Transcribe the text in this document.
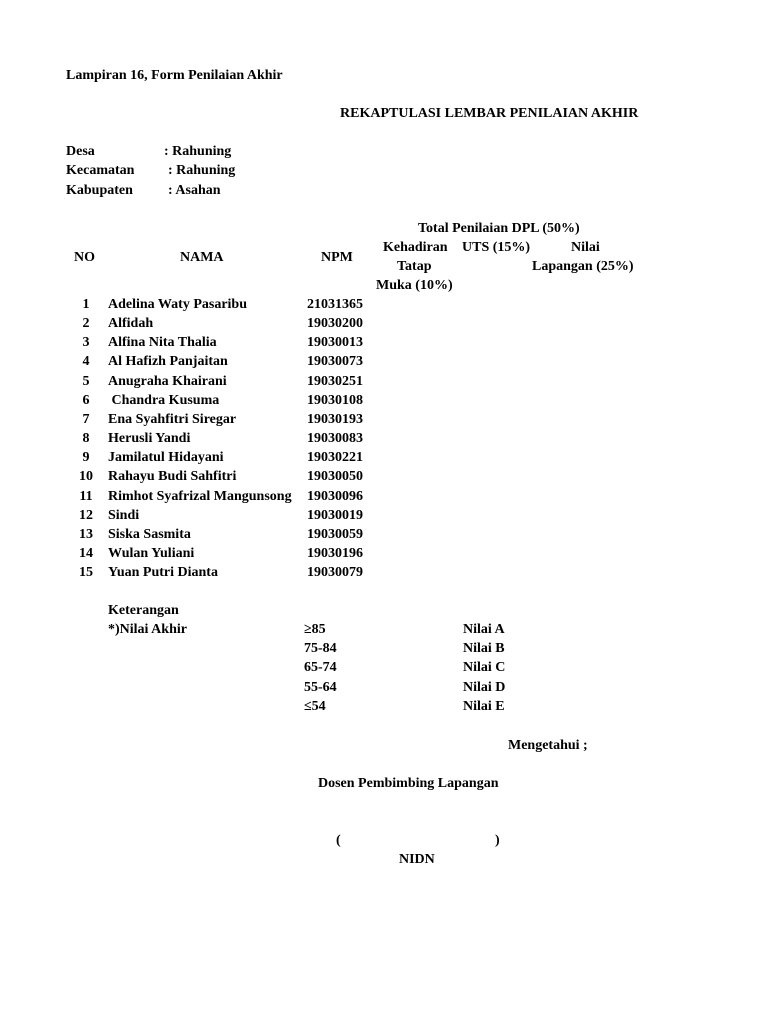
Lampiran 16, Form Penilaian Akhir
REKAPTULASI LEMBAR PENILAIAN AKHIR
Desa	: Rahuning
Kecamatan : Rahuning
Kabupaten	: Asahan
Total Penilaian DPL (50%)
NO	NAMA	NPM
Kehadiran
Tatap
Muka (10%)
UTS (15%)	Nilai
Lapangan (25%)
1	Adelina Waty Pasaribu	21031365
2	Alfidah	19030200
3	Alfina Nita Thalia	19030013
4	Al Hafizh Panjaitan	19030073
5	Anugraha Khairani	19030251
6	Chandra Kusuma	19030108
7	Ena Syahfitri Siregar	19030193
8	Herusli Yandi	19030083
9	Jamilatul Hidayani	19030221
10	Rahayu Budi Sahfitri	19030050
11	Rimhot Syafrizal Mangunsong 19030096
12	Sindi	19030019
13	Siska Sasmita	19030059
14	Wulan Yuliani	19030196
15	Yuan Putri Dianta	19030079
Keterangan
*)Nilai Akhir	≥85	Nilai A
75-84	Nilai B
65-74	Nilai C
55-64	Nilai D
≤54	Nilai E
Mengetahui ;
Dosen Pembimbing Lapangan
(	)
NIDN
